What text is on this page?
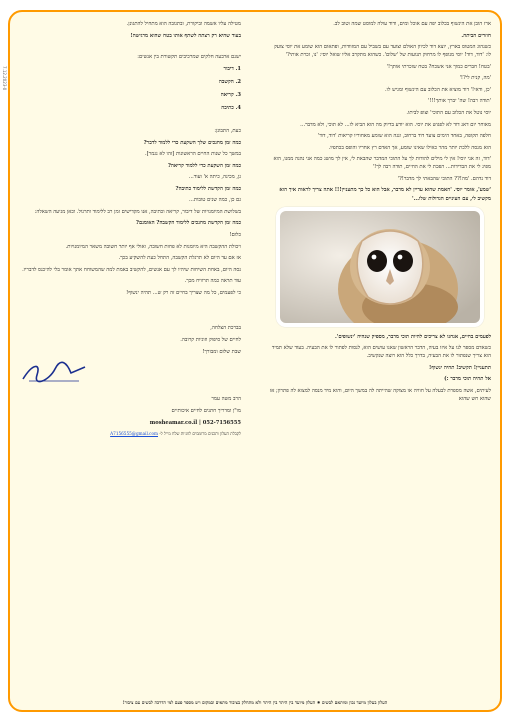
7.12.2023-0

ארז הובן את הינשוף בכלוב יפה עם אוכל ומים, ודוד עולה למוסט שמה וטוב לב.

חוזרים הביתה.

כשנהוג המטוס בארץ, יוצא דוד לכיוון האולם וצועד עם בשביל עם המזוודות, ופתאום הוא שומע את יוסי צועק לו: 'דוד, דוד! יוסי מנופף לו מרחוק תנועות של 'שלום'. כשהוא מתקרב אליו שואל יוסי: 'נו, זכרת אותי?'

'בטח! חברים כמוך אני אשכח? בטח שזכרתי אותך!'

'מה, קנית לי?!'

'כן, ודאי!' דוד מוציא את הכלוב עם הינשוף ומגיש לו.

'תודה רבה! שה' יברך אותך!!!'

יוסי נוטל את הכלוב עם התוכי' וצופ לביתו.

מאוחר יום דאג דוד לא לפגוש את יוסי. הוא יודע בדיוק מה הוא הביא לו... לא תוכי, ולא מדבר...

חלפה תקופה, באחד הימים צועד דוד ברחוב, ונגה הוא שומע מאחוריו קריאות 'דוד, דוד'

הוא מנסה ללכת יותר מהר כאילו שאינו שומע, אך האדם רץ אחריו והופס בכתפיו.

'דוד, זה אני יוסי! אין לי מילים להודות לך על התוכי המדבר שהבאת לי, אין לך מושג כמה אני נהנה ממנו, הוא מפיג לי את הבדידות... הפכת לי את החיים, תודה רבה לך!'

דוד נדהם. 'מה!?? התוכי שהבאתי לך מדבר!?'

'שמע', אומר יוסי. 'האמת שהוא עדיין לא מדבר, אבל הוא כל כך מתעניין!!! אתה צריך לראות איך הוא מקשיב לי, עם העיניים הגדולות שלו...'

לפעמים בחיים, אנחנו לא צריכים להיות תוכי מדבר, מספיק שנהיה 'ינשופים'.

כשאדם מספר לנו על איזו בעיה, הדבר הראשון שאנו עושים הוא, לנסות לפתור לו את הבעיה. בעוד שלא תמיד הוא צריך שנפתור לו את הבעיה, בדרך כלל הוא רוצה שנקשיב.

תתעניין! תקשיב! תהיה ינשוף!

אל תהיה תוכי מדבר :)

לעיתים, אשה מספרת לבעלה על חוויה או מצוקה שהייתה לה במשך היום, והוא מיד מנסה למצוא לה פתרון; אז שהוא חש שהוא

מטילה עליו אשמה וביקורת, ובתגובה הוא מתחיל להתגונן.

בעוד שהיא רק רצתה לשתף אותו בטח שהוא מרגישה!

ישנם ארבעה חלקים שמרכיבים תקשורת בין אנשים:

1. דיבור

2. הקשבה

3. קריאה

4. כתיבה

כעת, התבונן:

כמה זמן מחנכים שלך השקעת כדי ללמוד לדבר?

במשך כל שנות החיים הראשונות [זהו לא נגמר].

כמה זמן השקעת כדי ללמוד קריאה?

גן, מכינה, כיתה א' ועוד...

כמה זמן הקדשת ללימוד כתיבה?

גם כן, כמה שנים טובות...

בשלושת המיומנויות של דיבור, קריאה וכתיבה, אנו מקדישים זמן רב ללימוד ותרגול. וכאן מגיעה השאלה:

כמה זמן הקדשת מחנכים ללימוד הקשבה? האומנם?

כלום!

ויכולת ההקשבה היא מיומנות לא פחות חשובה, ואולי אף יותר חשובה משאר המיומנויות.

אז אם עד היום לא תרגלת הקשבה, התחל כעת להשקיע בכך.

נסה היום, באחת השיחות שיהיו לך עם אנשים, להקשיב באמת למה שהמשוחח אתך אומר בלי להיכנס לדבריו.

עוד תראה כמה תרוויח מכך.

כי לפעמים, כל מה שצריך בחיים זה רק ש... תהיה ינשוף!

בברכת הצלחה,

לחיים של סיפוק וזוגיות קרובה.

שבת שלום ומבורך!

הרב משה עמר

מו"ן ומדריך חתנים לחיים איכותיים

052-7156555 | mosheamar.co.il

לקבלת העלון ותכנים מרוממים לזוגיות שלח מייל ל- A7156555@gmail.com

העלון בעלון מיועד נכון ומותאם לבשים ⁕ העלון מיועד בין היתר בין היתר ולא מתחלק בציבור מתאים ובמקום ויש מספר פעם למי הדרכה לבשים עם ציבור!
